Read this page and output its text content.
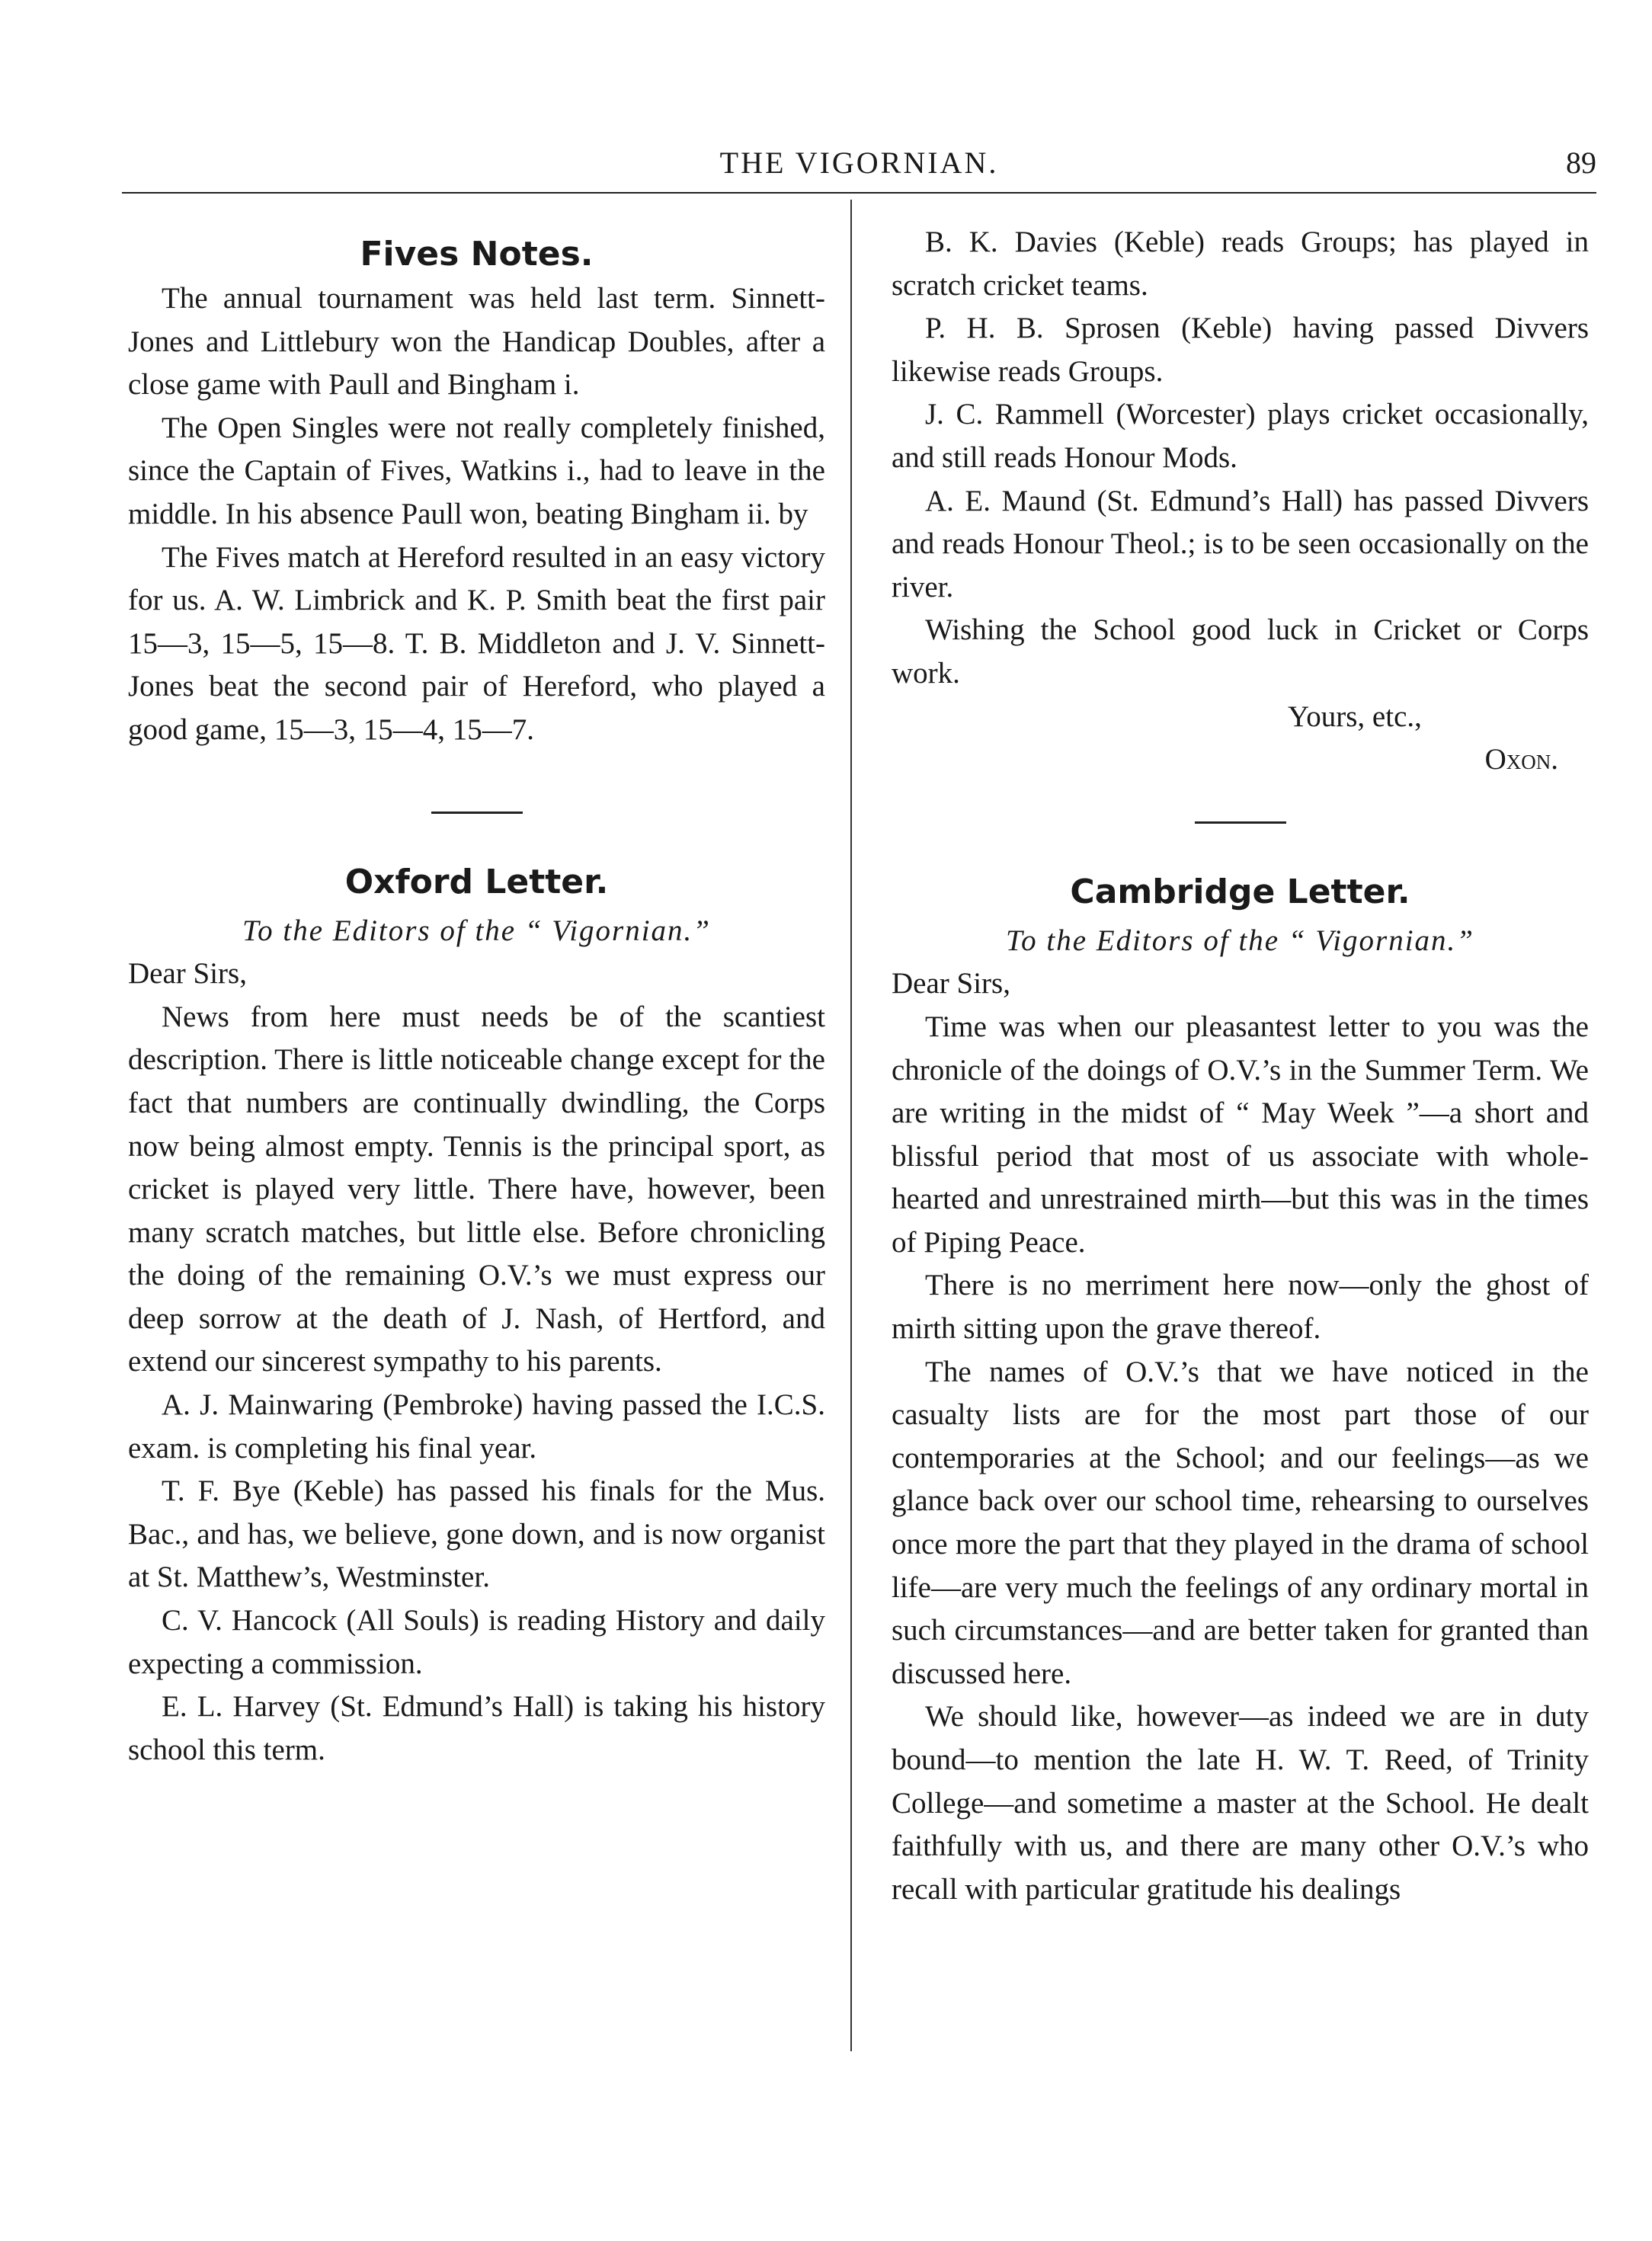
THE VIGORNIAN.	89
Fives Notes.

The annual tournament was held last term. Sinnett-Jones and Littlebury won the Handicap Doubles, after a close game with Paull and Bingham i.

The Open Singles were not really completely finished, since the Captain of Fives, Watkins i., had to leave in the middle. In his absence Paull won, beating Bingham ii. by

The Fives match at Hereford resulted in an easy victory for us. A. W. Limbrick and K. P. Smith beat the first pair 15—3, 15—5, 15—8. T. B. Middleton and J. V. Sinnett-Jones beat the second pair of Hereford, who played a good game, 15—3, 15—4, 15—7.

Oxford Letter.

To the Editors of the “ Vigornian.”

Dear Sirs,

News from here must needs be of the scantiest description. There is little noticeable change except for the fact that numbers are continually dwindling, the Corps now being almost empty. Tennis is the principal sport, as cricket is played very little. There have, however, been many scratch matches, but little else. Before chronicling the doing of the remaining O.V.’s we must express our deep sorrow at the death of J. Nash, of Hertford, and extend our sincerest sympathy to his parents.

A. J. Mainwaring (Pembroke) having passed the I.C.S. exam. is completing his final year.

T. F. Bye (Keble) has passed his finals for the Mus. Bac., and has, we believe, gone down, and is now organist at St. Matthew’s, Westminster.

C. V. Hancock (All Souls) is reading History and daily expecting a commission.

E. L. Harvey (St. Edmund’s Hall) is taking his history school this term.

B. K. Davies (Keble) reads Groups; has played in scratch cricket teams.

P. H. B. Sprosen (Keble) having passed Divvers likewise reads Groups.

J. C. Rammell (Worcester) plays cricket occasionally, and still reads Honour Mods.

A. E. Maund (St. Edmund’s Hall) has passed Divvers and reads Honour Theol.; is to be seen occasionally on the river.

Wishing the School good luck in Cricket or Corps work.

Yours, etc.,

Oxon.

Cambridge Letter.

To the Editors of the “ Vigornian.”

Dear Sirs,

Time was when our pleasantest letter to you was the chronicle of the doings of O.V.’s in the Summer Term. We are writing in the midst of “ May Week ”—a short and blissful period that most of us associate with whole-hearted and unrestrained mirth—but this was in the times of Piping Peace.

There is no merriment here now—only the ghost of mirth sitting upon the grave thereof.

The names of O.V.’s that we have noticed in the casualty lists are for the most part those of our contemporaries at the School; and our feelings—as we glance back over our school time, rehearsing to ourselves once more the part that they played in the drama of school life—are very much the feelings of any ordinary mortal in such circumstances—and are better taken for granted than discussed here.

We should like, however—as indeed we are in duty bound—to mention the late H. W. T. Reed, of Trinity College—and sometime a master at the School. He dealt faithfully with us, and there are many other O.V.’s who recall with particular gratitude his dealings
